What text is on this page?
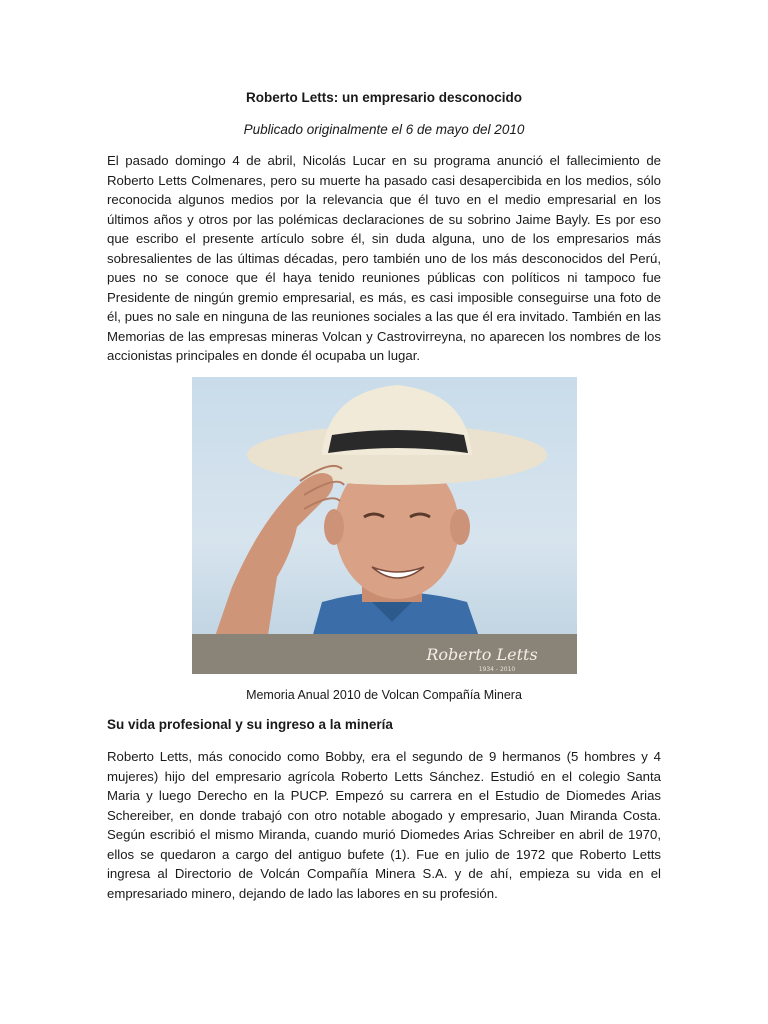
Roberto Letts: un empresario desconocido
Publicado originalmente el 6 de mayo del 2010

El pasado domingo 4 de abril, Nicolás Lucar en su programa anunció el fallecimiento de Roberto Letts Colmenares, pero su muerte ha pasado casi desapercibida en los medios, sólo reconocida algunos medios por la relevancia que él tuvo en el medio empresarial en los últimos años y otros por las polémicas declaraciones de su sobrino Jaime Bayly. Es por eso que escribo el presente artículo sobre él, sin duda alguna, uno de los empresarios más sobresalientes de las últimas décadas, pero también uno de los más desconocidos del Perú, pues no se conoce que él haya tenido reuniones públicas con políticos ni tampoco fue Presidente de ningún gremio empresarial, es más, es casi imposible conseguirse una foto de él, pues no sale en ninguna de las reuniones sociales a las que él era invitado. También en las Memorias de las empresas mineras Volcan y Castrovirreyna, no aparecen los nombres de los accionistas principales en donde él ocupaba un lugar.

Roberto Letts
1934 - 2010
Memoria Anual 2010 de Volcan Compañía Minera
Su vida profesional y su ingreso a la minería

Roberto Letts, más conocido como Bobby, era el segundo de 9 hermanos (5 hombres y 4 mujeres) hijo del empresario agrícola Roberto Letts Sánchez. Estudió en el colegio Santa Maria y luego Derecho en la PUCP. Empezó su carrera en el Estudio de Diomedes Arias Schereiber, en donde trabajó con otro notable abogado y empresario, Juan Miranda Costa. Según escribió el mismo Miranda, cuando murió Diomedes Arias Schreiber en abril de 1970, ellos se quedaron a cargo del antiguo bufete (1). Fue en julio de 1972 que Roberto Letts ingresa al Directorio de Volcán Compañía Minera S.A. y de ahí, empieza su vida en el empresariado minero, dejando de lado las labores en su profesión.
